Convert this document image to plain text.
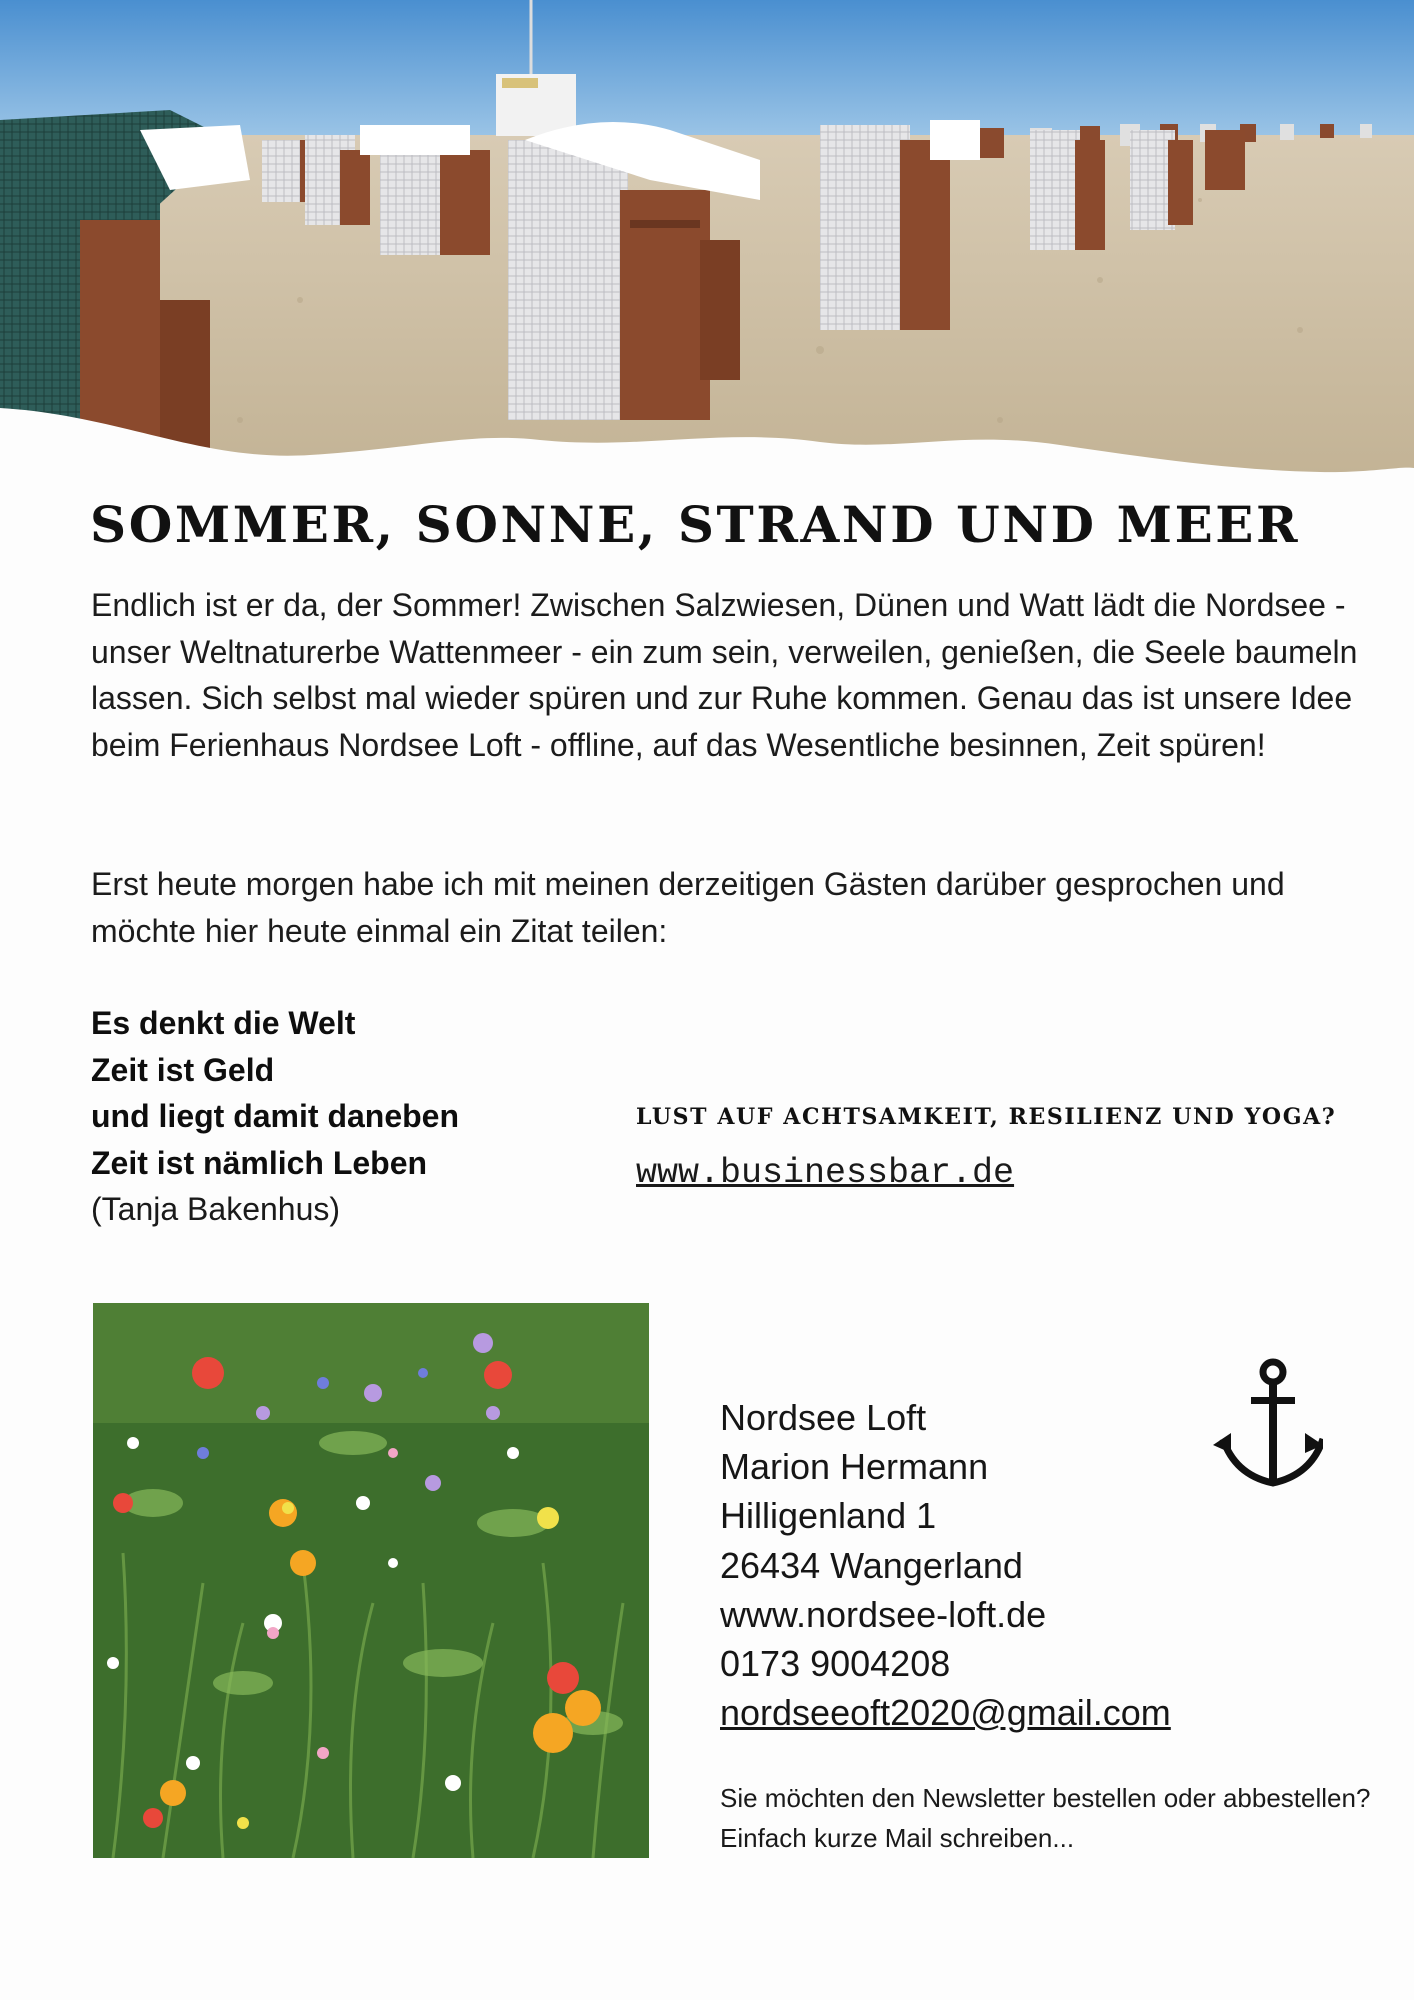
SOMMER, SONNE, STRAND UND MEER

Endlich ist er da, der Sommer! Zwischen Salzwiesen, Dünen und Watt lädt die Nordsee - unser Weltnaturerbe Wattenmeer - ein zum sein, verweilen, genießen, die Seele baumeln lassen. Sich selbst mal wieder spüren und zur Ruhe kommen. Genau das ist unsere Idee beim Ferienhaus Nordsee Loft - offline, auf das Wesentliche besinnen, Zeit spüren!

Erst heute morgen habe ich mit meinen derzeitigen Gästen darüber gesprochen und möchte hier heute einmal ein Zitat teilen:

Es denkt die Welt
Zeit ist Geld
und liegt damit daneben
Zeit ist nämlich Leben
(Tanja Bakenhus)

LUST AUF ACHTSAMKEIT, RESILIENZ UND YOGA?

www.businessbar.de
Nordsee Loft
Marion Hermann
Hilligenland 1
26434 Wangerland
www.nordsee-loft.de
0173 9004208
nordseeoft2020@gmail.com

Sie möchten den Newsletter bestellen oder abbestellen? Einfach kurze Mail schreiben...
